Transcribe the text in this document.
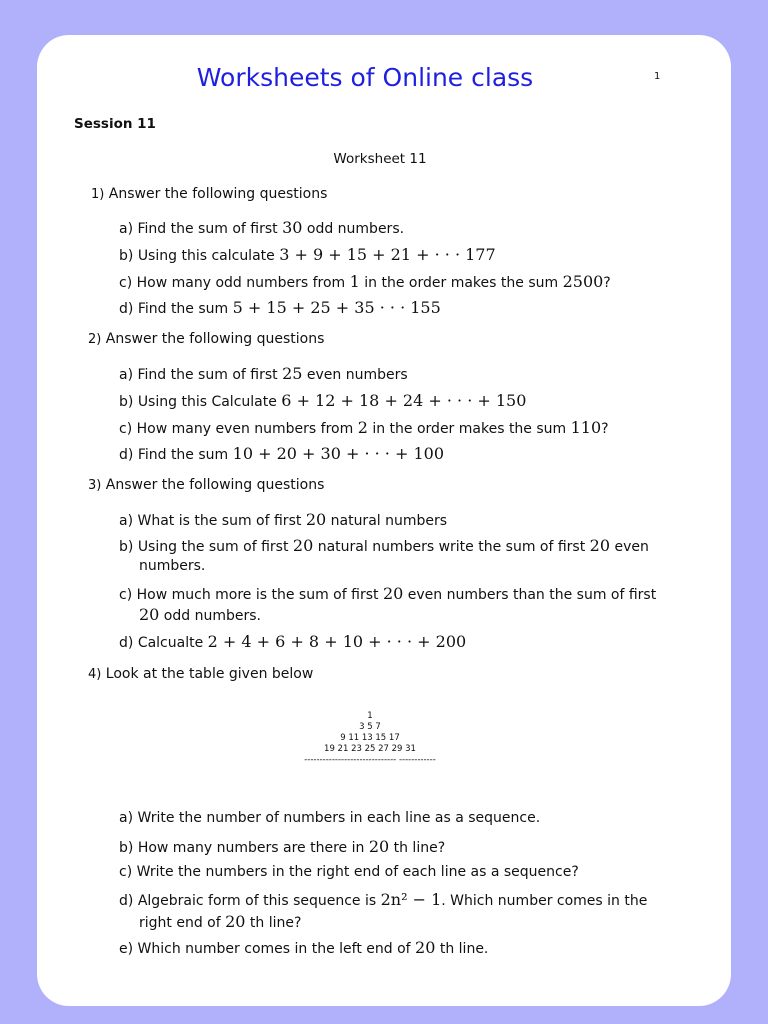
Worksheets of Online class	1
Session 11
Worksheet 11
1) Answer the following questions
a) Find the sum of first 30 odd numbers.
b) Using this calculate 3 + 9 + 15 + 21 + · · · 177
c) How many odd numbers from 1 in the order makes the sum 2500?
d) Find the sum 5 + 15 + 25 + 35 · · · 155
2) Answer the following questions
a) Find the sum of first 25 even numbers
b) Using this Calculate 6 + 12 + 18 + 24 + · · · + 150
c) How many even numbers from 2 in the order makes the sum 110?
d) Find the sum 10 + 20 + 30 + · · · + 100
3) Answer the following questions
a) What is the sum of first 20 natural numbers
b) Using the sum of first 20 natural numbers write the sum of first 20 even
numbers.
c) How much more is the sum of first 20 even numbers than the sum of first
20 odd numbers.
d) Calcualte 2 + 4 + 6 + 8 + 10 + · · · + 200
4) Look at the table given below
1
3 5 7
9 11 13 15 17
19 21 23 25 27 29 31
------------------------------ ------------
a) Write the number of numbers in each line as a sequence.
b) How many numbers are there in 20 th line?
c) Write the numbers in the right end of each line as a sequence?
d) Algebraic form of this sequence is 2n² − 1. Which number comes in the
right end of 20 th line?
e) Which number comes in the left end of 20 th line.
